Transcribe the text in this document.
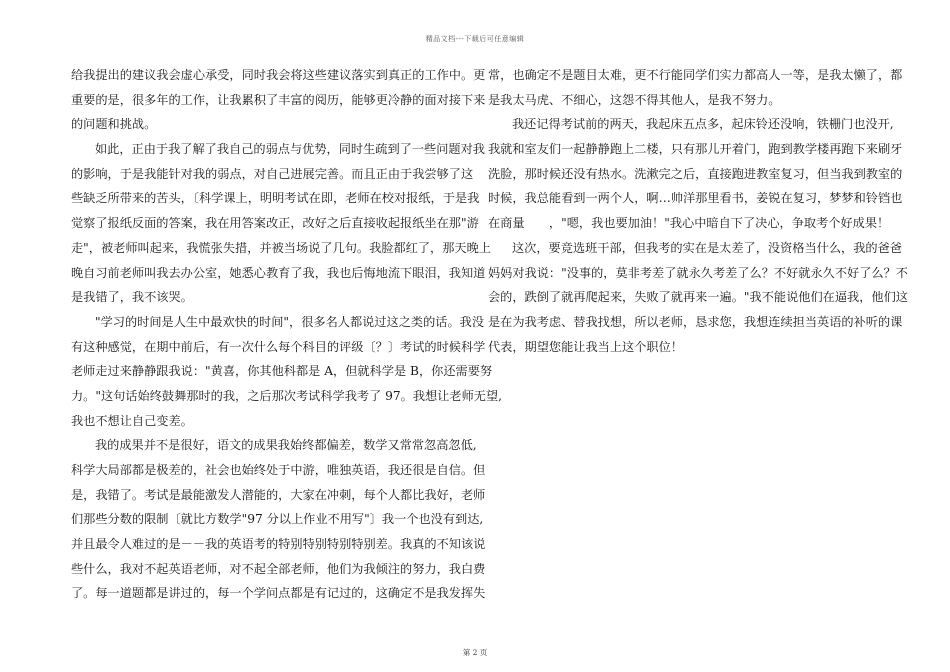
精品文档---下载后可任意编辑
给我提出的建议我会虚心承受，同时我会将这些建议落实到真正的工作中。更
重要的是，很多年的工作，让我累积了丰富的阅历，能够更冷静的面对接下来
的问题和挑战。
如此，正由于我了解了我自己的弱点与优势，同时生疏到了一些问题对我
的影响，于是我能针对我的弱点，对自己进展完善。而且正由于我尝够了这
些缺乏所带来的苦头，〔科学课上，明明考试在即，老师在校对报纸，于是我
觉察了报纸反面的答案，我在用答案改正，改好之后直接收起报纸坐在那"游
走"，被老师叫起来，我慌张失措，并被当场说了几句。我脸都红了，那天晚上
晚自习前老师叫我去办公室，她悉心教育了我，我也后悔地流下眼泪，我知道
是我错了，我不该哭。
"学习的时间是人生中最欢快的时间"，很多名人都说过这之类的话。我没
有这种感觉，在期中前后，有一次什么每个科目的评级〔？〕考试的时候科学
老师走过来静静跟我说："黄喜，你其他科都是 A，但就科学是 B，你还需要努
力。"这句话始终鼓舞那时的我，之后那次考试科学我考了 97。我想让老师无望,
我也不想让自己变差。
我的成果并不是很好，语文的成果我始终都偏差，数学又常常忽高忽低,
科学大局部都是极差的，社会也始终处于中游，唯独英语，我还很是自信。但
是，我错了。考试是最能激发人潜能的，大家在冲刺，每个人都比我好，老师
们那些分数的限制〔就比方数学"97 分以上作业不用写"〕我一个也没有到达,
并且最令人难过的是－－我的英语考的特别特别特别特别差。我真的不知该说
些什么，我对不起英语老师，对不起全部老师，他们为我倾注的努力，我白费
了。每一道题都是讲过的，每一个学问点都是有记过的，这确定不是我发挥失
常，也确定不是题目太难，更不行能同学们实力都高人一等，是我太懒了，都
是我太马虎、不细心，这怨不得其他人，是我不努力。
我还记得考试前的两天，我起床五点多，起床铃还没响，铁栅门也没开,
我就和室友们一起静静跑上二楼，只有那儿开着门，跑到教学楼再跑下来刷牙
洗脸，那时候还没有热水。洗漱完之后，直接跑进教室复习，但当我到教室的
时候，我总能看到一两个人，啊…帅洋那里看书，姜锐在复习，梦梦和铃铛也
在商量　　，"嗯，我也要加油！"我心中暗自下了决心，争取考个好成果！
这次，要竞选班干部，但我考的实在是太差了，没资格当什么，我的爸爸
妈妈对我说："没事的，莫非考差了就永久考差了么？不好就永久不好了么？不
会的，跌倒了就再爬起来，失败了就再来一遍。"我不能说他们在逼我，他们这
是在为我考虑、替我找想，所以老师，恳求您，我想连续担当英语的补听的课
代表，期望您能让我当上这个职位！
第 2 页
